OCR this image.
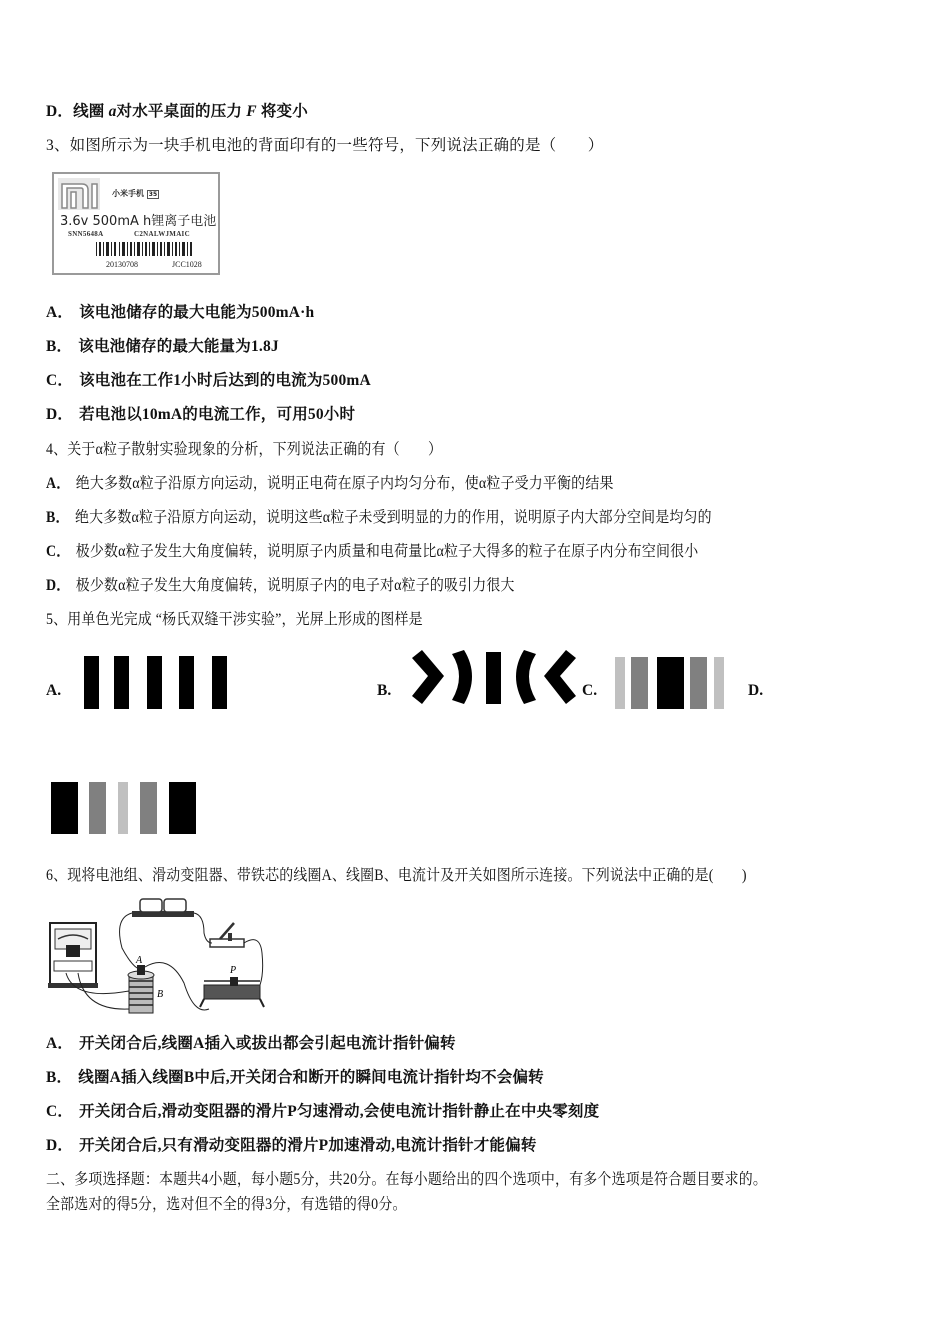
D．线圈 a对水平桌面的压力 F 将变小
3、如图所示为一块手机电池的背面印有的一些符号，下列说法正确的是（　　）
小米手机 35
3.6v 500mA h锂离子电池
SNN5648A	C2NALWJMAIC
20130708	JCC1028
A． 该电池储存的最大电能为500mA·h
B． 该电池储存的最大能量为1.8J
C． 该电池在工作1小时后达到的电流为500mA
D． 若电池以10mA的电流工作，可用50小时
4、关于α粒子散射实验现象的分析，下列说法正确的有（　　）
A． 绝大多数α粒子沿原方向运动，说明正电荷在原子内均匀分布，使α粒子受力平衡的结果
B． 绝大多数α粒子沿原方向运动，说明这些α粒子未受到明显的力的作用，说明原子内大部分空间是均匀的
C． 极少数α粒子发生大角度偏转，说明原子内质量和电荷量比α粒子大得多的粒子在原子内分布空间很小
D． 极少数α粒子发生大角度偏转，说明原子内的电子对α粒子的吸引力很大
5、用单色光完成 “杨氏双缝干涉实验”，光屏上形成的图样是
A.	B.	C.	D.
6、现将电池组、滑动变阻器、带铁芯的线圈A、线圈B、电流计及开关如图所示连接。下列说法中正确的是(　　)
A
B
P
A． 开关闭合后,线圈A插入或拔出都会引起电流计指针偏转
B． 线圈A插入线圈B中后,开关闭合和断开的瞬间电流计指针均不会偏转
C． 开关闭合后,滑动变阻器的滑片P匀速滑动,会使电流计指针静止在中央零刻度
D． 开关闭合后,只有滑动变阻器的滑片P加速滑动,电流计指针才能偏转
二、多项选择题：本题共4小题，每小题5分，共20分。在每小题给出的四个选项中，有多个选项是符合题目要求的。
全部选对的得5分，选对但不全的得3分，有选错的得0分。
